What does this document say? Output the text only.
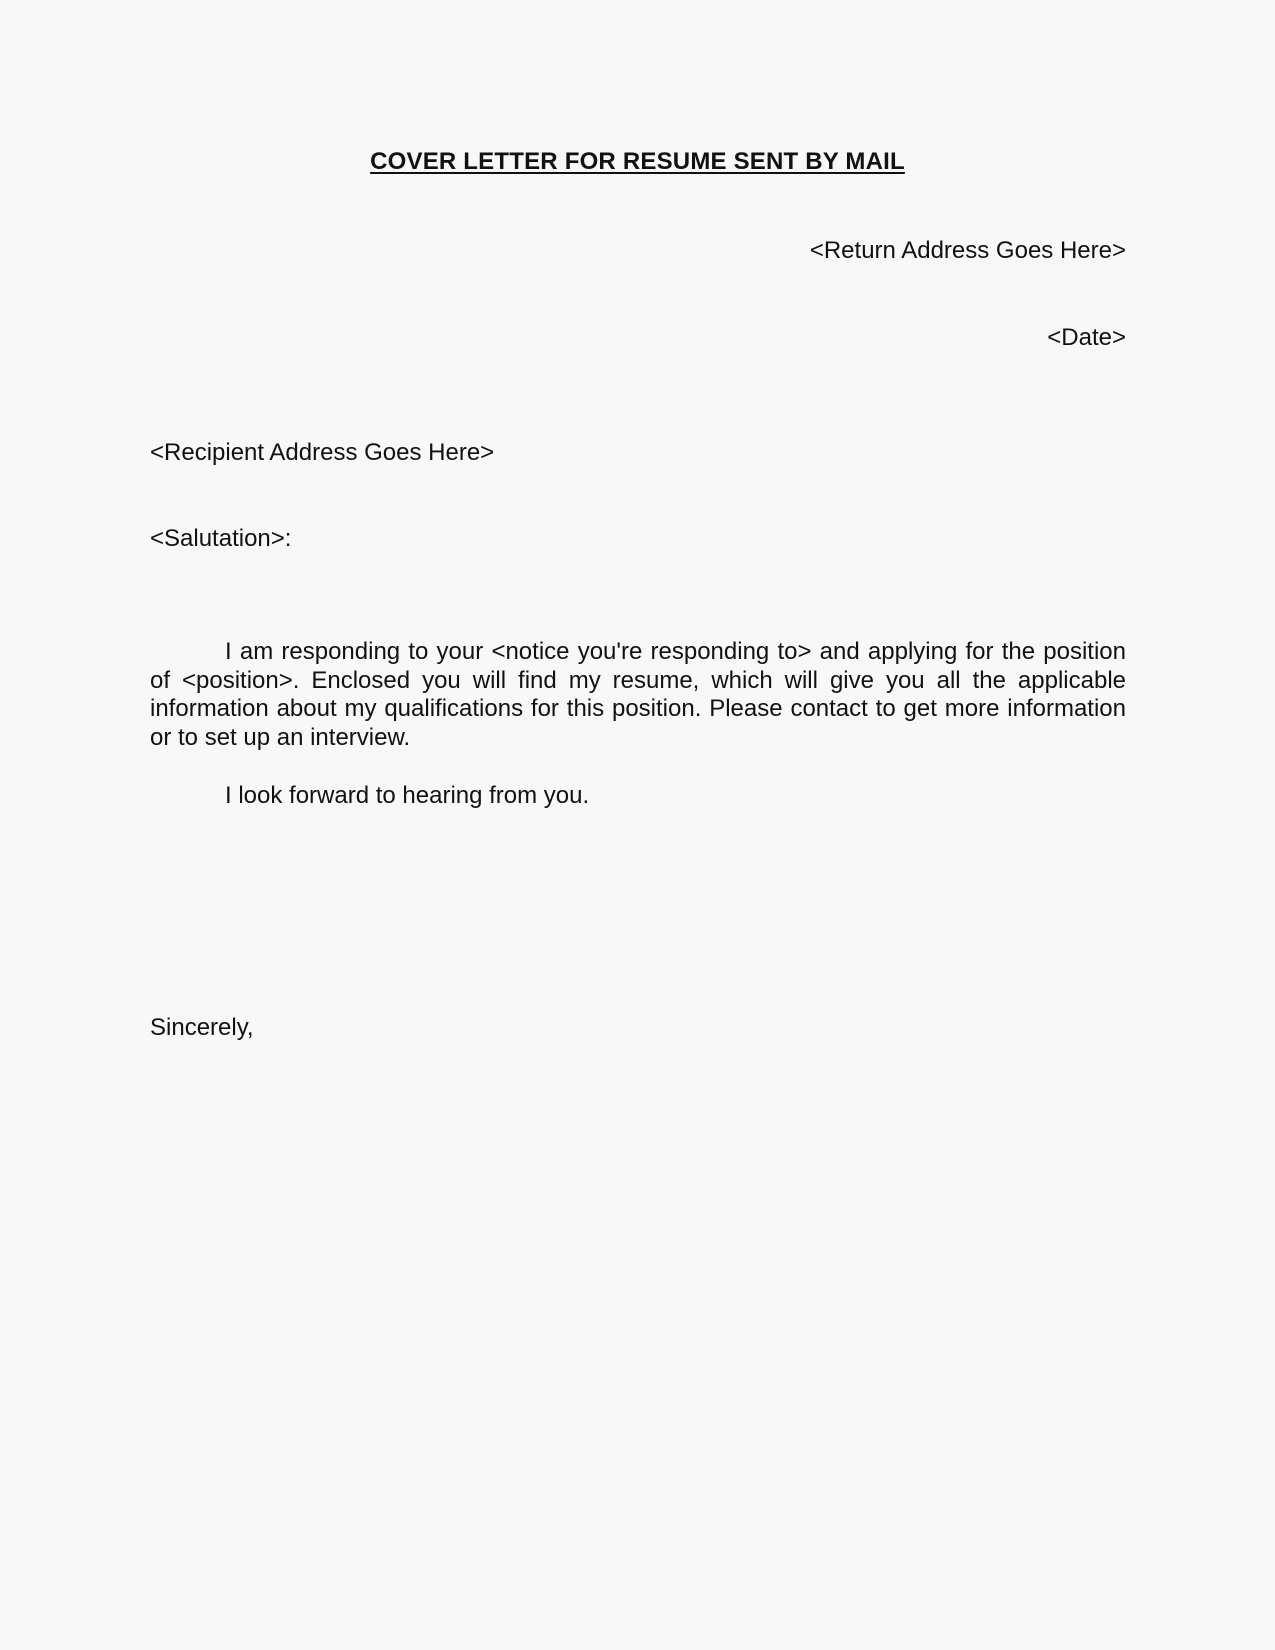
COVER LETTER FOR RESUME SENT BY MAIL
<Return Address Goes Here>
<Date>
<Recipient Address Goes Here>
<Salutation>:
I am responding to your <notice you're responding to> and applying for the position of <position>. Enclosed you will find my resume, which will give you all the applicable information about my qualifications for this position. Please contact to get more information or to set up an interview.
I look forward to hearing from you.
Sincerely,
